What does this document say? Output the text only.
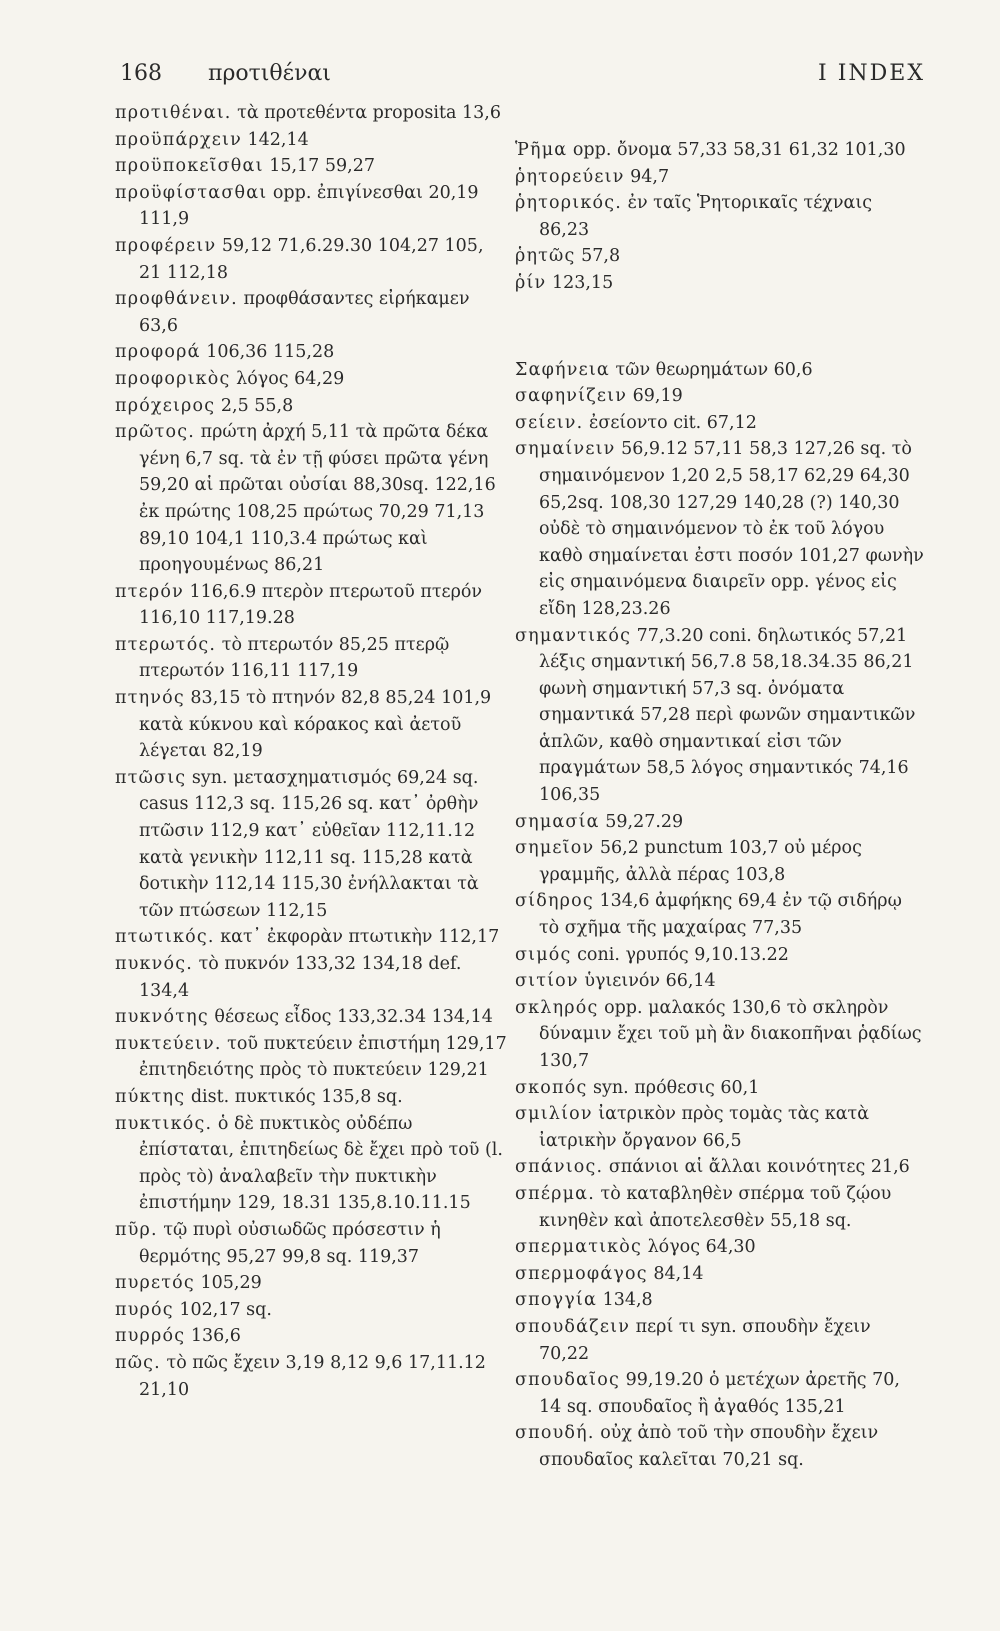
168 προτιθέναι	I INDEX

προτιθέναι. τὰ προτεθέντα proposita 13,6

προϋπάρχειν 142,14

προϋποκεῖσθαι 15,17 59,27

προϋφίστασθαι opp. ἐπιγίνεσθαι 20,19 111,9

προφέρειν 59,12 71,6.29.30 104,27 105, 21 112,18

προφθάνειν. προφθάσαντες εἰρήκαμεν 63,6

προφορά 106,36 115,28

προφορικὸς λόγος 64,29

πρόχειρος 2,5 55,8

πρῶτος. πρώτη ἀρχή 5,11 τὰ πρῶτα δέκα γένη 6,7 sq. τὰ ἐν τῇ φύσει πρῶτα γένη 59,20 αἱ πρῶται οὐσίαι 88,30sq. 122,16 ἐκ πρώτης 108,25 πρώτως 70,29 71,13 89,10 104,1 110,3.4 πρώτως καὶ προηγουμένως 86,21

πτερόν 116,6.9 πτερὸν πτερωτοῦ πτερόν 116,10 117,19.28

πτερωτός. τὸ πτερωτόν 85,25 πτερῷ πτερωτόν 116,11 117,19

πτηνός 83,15 τὸ πτηνόν 82,8 85,24 101,9 κατὰ κύκνου καὶ κόρακος καὶ ἀετοῦ λέγεται 82,19

πτῶσις syn. μετασχηματισμός 69,24 sq. casus 112,3 sq. 115,26 sq. κατ᾽ ὀρθὴν πτῶσιν 112,9 κατ᾽ εὐθεῖαν 112,11.12 κατὰ γενικὴν 112,11 sq. 115,28 κατὰ δοτικὴν 112,14 115,30 ἐνήλλακται τὰ τῶν πτώσεων 112,15

πτωτικός. κατ᾽ ἐκφορὰν πτωτικὴν 112,17

πυκνός. τὸ πυκνόν 133,32 134,18 def. 134,4

πυκνότης θέσεως εἶδος 133,32.34 134,14

πυκτεύειν. τοῦ πυκτεύειν ἐπιστήμη 129,17 ἐπιτηδειότης πρὸς τὸ πυκτεύειν 129,21

πύκτης dist. πυκτικός 135,8 sq.

πυκτικός. ὁ δὲ πυκτικὸς οὐδέπω ἐπίσταται, ἐπιτηδείως δὲ ἔχει πρὸ τοῦ (l. πρὸς τὸ) ἀναλαβεῖν τὴν πυκτικὴν ἐπιστήμην 129, 18.31 135,8.10.11.15

πῦρ. τῷ πυρὶ οὐσιωδῶς πρόσεστιν ἡ θερμότης 95,27 99,8 sq. 119,37

πυρετός 105,29

πυρός 102,17 sq.

πυρρός 136,6

πῶς. τὸ πῶς ἔχειν 3,19 8,12 9,6 17,11.12 21,10

Ῥῆμα opp. ὄνομα 57,33 58,31 61,32 101,30

ῥητορεύειν 94,7

ῥητορικός. ἐν ταῖς Ῥητορικαῖς τέχναις 86,23

ῥητῶς 57,8

ῥίν 123,15

Σαφήνεια τῶν θεωρημάτων 60,6

σαφηνίζειν 69,19

σείειν. ἐσείοντο cit. 67,12

σημαίνειν 56,9.12 57,11 58,3 127,26 sq. τὸ σημαινόμενον 1,20 2,5 58,17 62,29 64,30 65,2sq. 108,30 127,29 140,28 (?) 140,30 οὐδὲ τὸ σημαινόμενον τὸ ἐκ τοῦ λόγου καθὸ σημαίνεται ἐστι ποσόν 101,27 φωνὴν εἰς σημαινόμενα διαιρεῖν opp. γένος εἰς εἴδη 128,23.26

σημαντικός 77,3.20 coni. δηλωτικός 57,21 λέξις σημαντική 56,7.8 58,18.34.35 86,21 φωνὴ σημαντική 57,3 sq. ὀνόματα σημαντικά 57,28 περὶ φωνῶν σημαντικῶν ἁπλῶν, καθὸ σημαντικαί εἰσι τῶν πραγμάτων 58,5 λόγος σημαντικός 74,16 106,35

σημασία 59,27.29

σημεῖον 56,2 punctum 103,7 οὐ μέρος γραμμῆς, ἀλλὰ πέρας 103,8

σίδηρος 134,6 ἀμφήκης 69,4 ἐν τῷ σιδήρῳ τὸ σχῆμα τῆς μαχαίρας 77,35

σιμός coni. γρυπός 9,10.13.22

σιτίον ὑγιεινόν 66,14

σκληρός opp. μαλακός 130,6 τὸ σκληρὸν δύναμιν ἔχει τοῦ μὴ ἂν διακοπῆναι ῥᾳδίως 130,7

σκοπός syn. πρόθεσις 60,1

σμιλίον ἰατρικὸν πρὸς τομὰς τὰς κατὰ ἰατρικὴν ὄργανον 66,5

σπάνιος. σπάνιοι αἱ ἄλλαι κοινότητες 21,6

σπέρμα. τὸ καταβληθὲν σπέρμα τοῦ ζῴου κινηθὲν καὶ ἀποτελεσθὲν 55,18 sq.

σπερματικὸς λόγος 64,30

σπερμοφάγος 84,14

σπογγία 134,8

σπουδάζειν περί τι syn. σπουδὴν ἔχειν 70,22

σπουδαῖος 99,19.20 ὁ μετέχων ἀρετῆς 70, 14 sq. σπουδαῖος ἢ ἀγαθός 135,21

σπουδή. οὐχ ἀπὸ τοῦ τὴν σπουδὴν ἔχειν σπουδαῖος καλεῖται 70,21 sq.
